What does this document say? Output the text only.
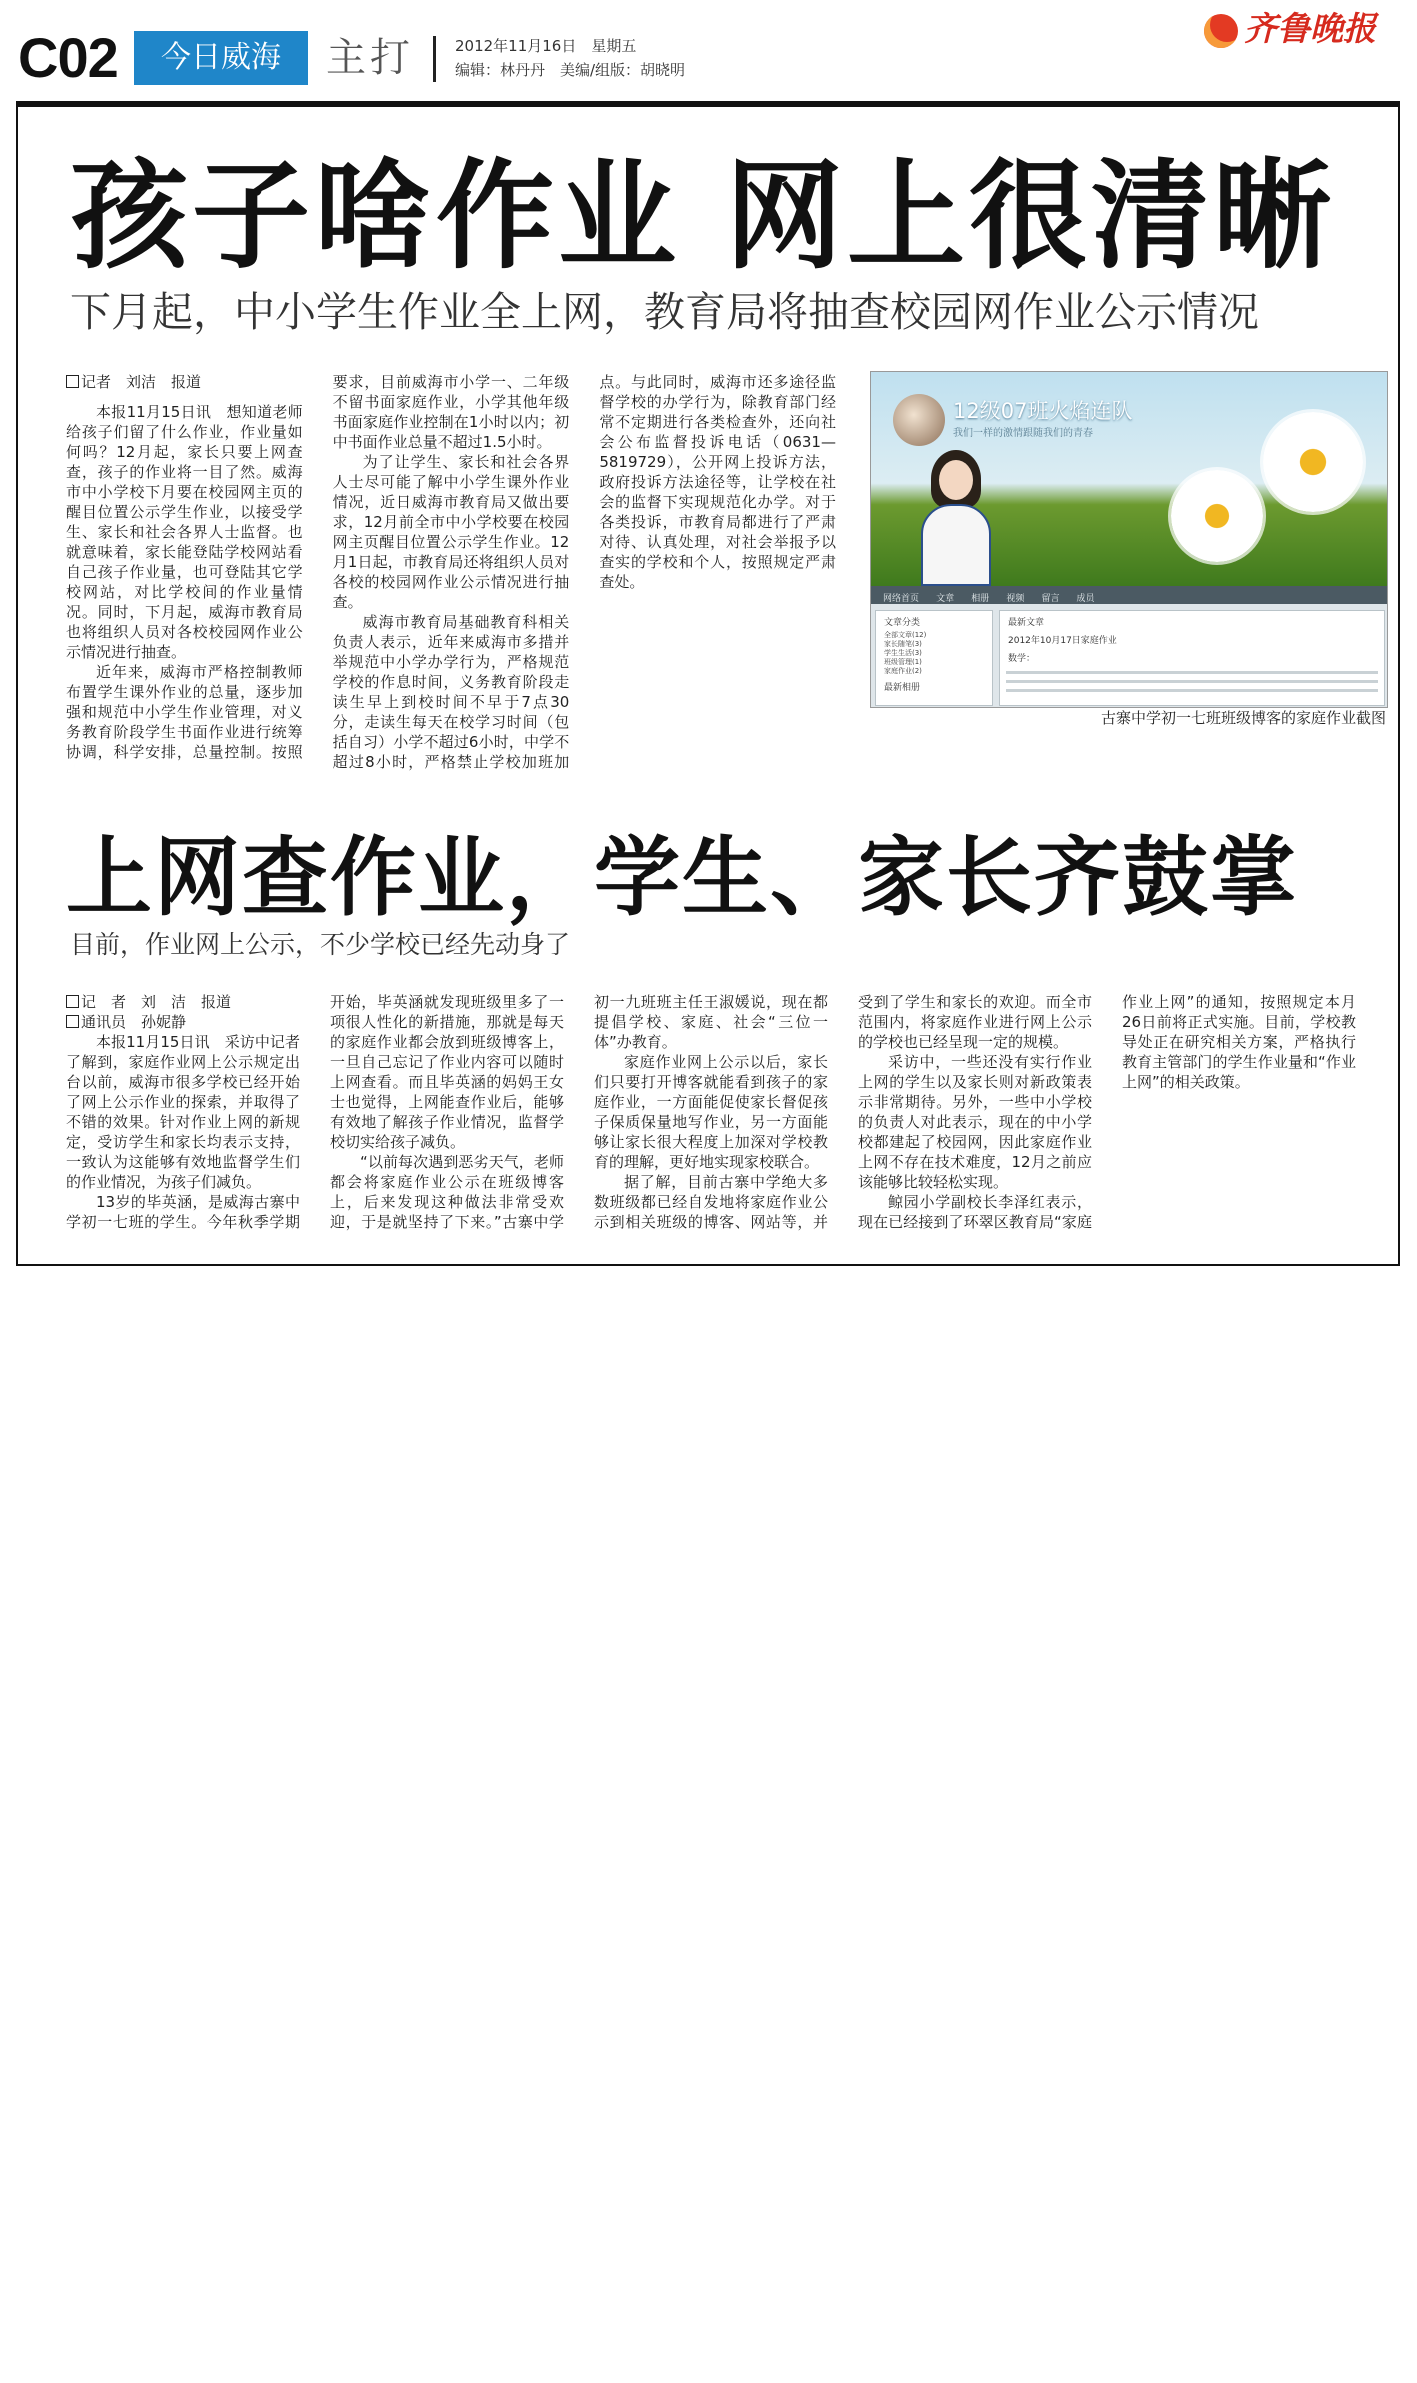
C02	今日威海	主打	2012年11月16日　星期五
编辑：林丹丹　美编/组版：胡晓明
齐鲁晚报
孩子啥作业 网上很清晰
下月起，中小学生作业全上网，教育局将抽查校园网作业公示情况

记者　刘洁　报道

本报11月15日讯　想知道老师给孩子们留了什么作业，作业量如何吗？12月起，家长只要上网查查，孩子的作业将一目了然。威海市中小学校下月要在校园网主页的醒目位置公示学生作业，以接受学生、家长和社会各界人士监督。也就意味着，家长能登陆学校网站看自己孩子作业量，也可登陆其它学校网站，对比学校间的作业量情况。同时，下月起，威海市教育局也将组织人员对各校校园网作业公示情况进行抽查。

近年来，威海市严格控制教师布置学生课外作业的总量，逐步加强和规范中小学生作业管理，对义务教育阶段学生书面作业进行统筹协调，科学安排，总量控制。按照要求，目前威海市小学一、二年级不留书面家庭作业，小学其他年级书面家庭作业控制在1小时以内；初中书面作业总量不超过1.5小时。

为了让学生、家长和社会各界人士尽可能了解中小学生课外作业情况，近日威海市教育局又做出要求，12月前全市中小学校要在校园网主页醒目位置公示学生作业。12月1日起，市教育局还将组织人员对各校的校园网作业公示情况进行抽查。

威海市教育局基础教育科相关负责人表示，近年来威海市多措并举规范中小学办学行为，严格规范学校的作息时间，义务教育阶段走读生早上到校时间不早于7点30分，走读生每天在校学习时间（包括自习）小学不超过6小时，中学不超过8小时，严格禁止学校加班加点。与此同时，威海市还多途径监督学校的办学行为，除教育部门经常不定期进行各类检查外，还向社会公布监督投诉电话（0631—5819729），公开网上投诉方法，政府投诉方法途径等，让学校在社会的监督下实现规范化办学。对于各类投诉，市教育局都进行了严肃对待、认真处理，对社会举报予以查实的学校和个人，按照规定严肃查处。

12级07班火焰连队
我们一样的激情跟随我们的青春
网络首页 文章 相册 视频 留言 成员
文章分类
全部文章(12)
家长随笔(3)
学生生活(3)
班级管理(1)
家庭作业(2)
最新相册
最新文章
2012年10月17日家庭作业
数学：
古寨中学初一七班班级博客的家庭作业截图
上网查作业，学生、家长齐鼓掌
目前，作业网上公示，不少学校已经先动身了

记　者　刘　洁　报道

通讯员　孙妮静

本报11月15日讯　采访中记者了解到，家庭作业网上公示规定出台以前，威海市很多学校已经开始了网上公示作业的探索，并取得了不错的效果。针对作业上网的新规定，受访学生和家长均表示支持，一致认为这能够有效地监督学生们的作业情况，为孩子们减负。

13岁的毕英涵，是威海古寨中学初一七班的学生。今年秋季学期开始，毕英涵就发现班级里多了一项很人性化的新措施，那就是每天的家庭作业都会放到班级博客上，一旦自己忘记了作业内容可以随时上网查看。而且毕英涵的妈妈王女士也觉得，上网能查作业后，能够有效地了解孩子作业情况，监督学校切实给孩子减负。

“以前每次遇到恶劣天气，老师都会将家庭作业公示在班级博客上，后来发现这种做法非常受欢迎，于是就坚持了下来。”古寨中学初一九班班主任王淑媛说，现在都提倡学校、家庭、社会“三位一体”办教育。

家庭作业网上公示以后，家长们只要打开博客就能看到孩子的家庭作业，一方面能促使家长督促孩子保质保量地写作业，另一方面能够让家长很大程度上加深对学校教育的理解，更好地实现家校联合。

据了解，目前古寨中学绝大多数班级都已经自发地将家庭作业公示到相关班级的博客、网站等，并受到了学生和家长的欢迎。而全市范围内，将家庭作业进行网上公示的学校也已经呈现一定的规模。

采访中，一些还没有实行作业上网的学生以及家长则对新政策表示非常期待。另外，一些中小学校的负责人对此表示，现在的中小学校都建起了校园网，因此家庭作业上网不存在技术难度，12月之前应该能够比较轻松实现。

鲸园小学副校长李泽红表示，现在已经接到了环翠区教育局“家庭作业上网”的通知，按照规定本月26日前将正式实施。目前，学校教导处正在研究相关方案，严格执行教育主管部门的学生作业量和“作业上网”的相关政策。
